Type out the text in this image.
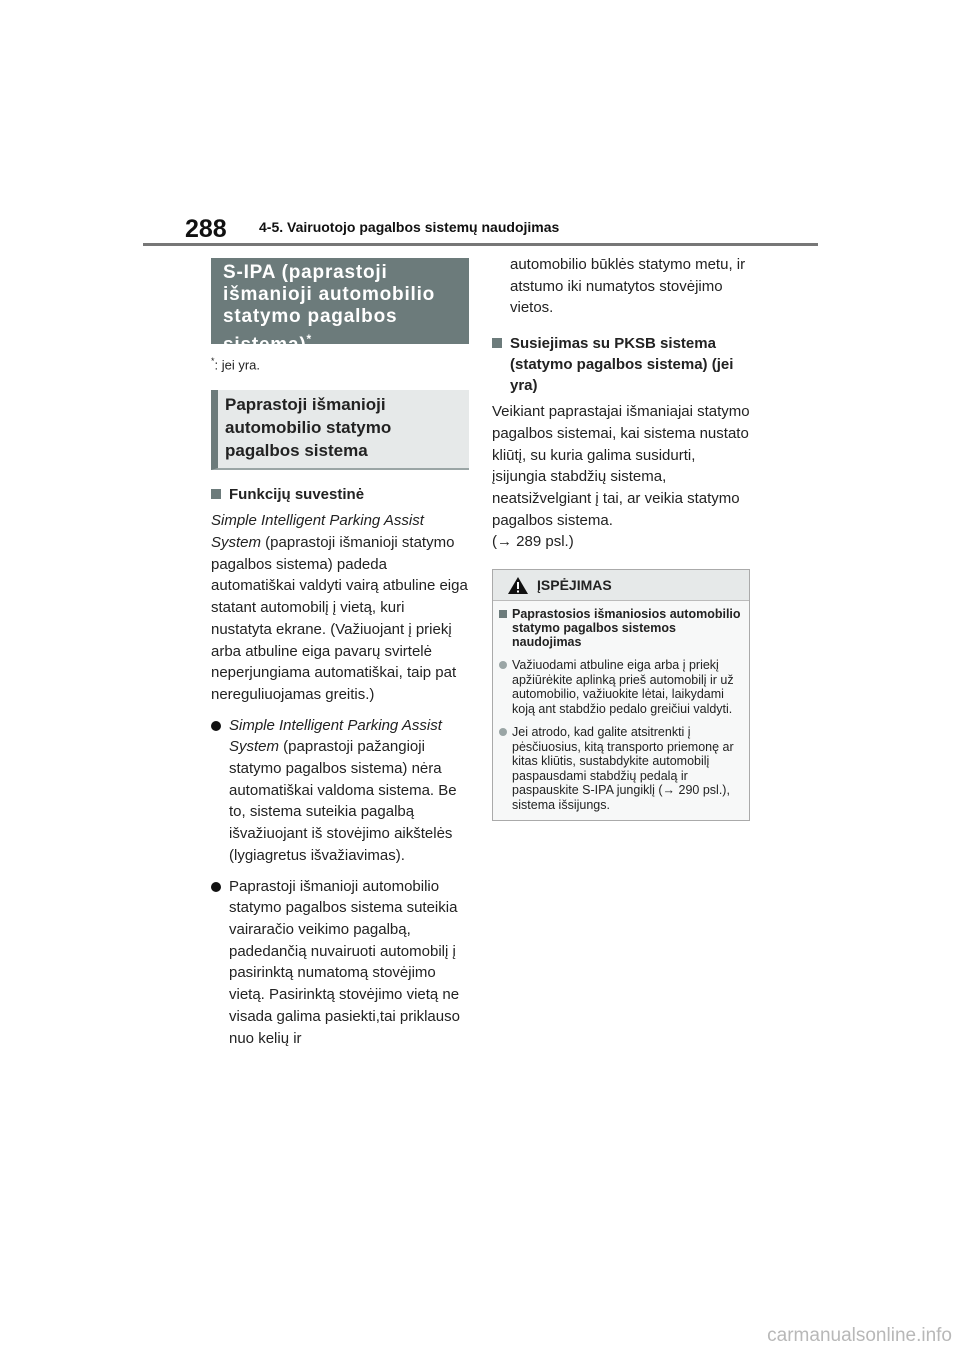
288 4-5. Vairuotojo pagalbos sistemų naudojimas
S-IPA (paprastoji
išmanioji automobilio
statymo pagalbos
sistema)*
*: jei yra.
Paprastoji išmanioji
automobilio statymo
pagalbos sistema
Funkcijų suvestinė
Simple Intelligent Parking Assist System (paprastoji išmanioji statymo pagalbos sistema) padeda automatiškai valdyti vairą atbuline eiga statant automobilį į vietą, kuri nustatyta ekrane. (Važiuojant į priekį arba atbuline eiga pavarų svirtelė neperjungiama automatiškai, taip pat nereguliuojamas greitis.)
Simple Intelligent Parking Assist System (paprastoji pažangioji statymo pagalbos sistema) nėra automatiškai valdoma sistema. Be to, sistema suteikia pagalbą išvažiuojant iš stovėjimo aikštelės (lygiagretus išvažiavimas).
Paprastoji išmanioji automobilio statymo pagalbos sistema suteikia vairaračio veikimo pagalbą, padedančią nuvairuoti automobilį į pasirinktą numatomą stovėjimo vietą. Pasirinktą stovėjimo vietą ne visada galima pasiekti,tai priklauso nuo kelių ir
automobilio būklės statymo metu, ir atstumo iki numatytos stovėjimo vietos.
Susiejimas su PKSB sistema (statymo pagalbos sistema) (jei yra)
Veikiant paprastajai išmaniajai statymo pagalbos sistemai, kai sistema nustato kliūtį, su kuria galima susidurti, įsijungia stabdžių sistema, neatsižvelgiant į tai, ar veikia statymo pagalbos sistema.
(→ 289 psl.)
ĮSPĖJIMAS
Paprastosios išmaniosios automobilio statymo pagalbos sistemos naudojimas
Važiuodami atbuline eiga arba į priekį apžiūrėkite aplinką prieš automobilį ir už automobilio, važiuokite lėtai, laikydami koją ant stabdžio pedalo greičiui valdyti.
Jei atrodo, kad galite atsitrenkti į pėsčiuosius, kitą transporto priemonę ar kitas kliūtis, sustabdykite automobilį paspausdami stabdžių pedalą ir paspauskite S-IPA jungiklį (→ 290 psl.), sistema išsijungs.
carmanualsonline.info
